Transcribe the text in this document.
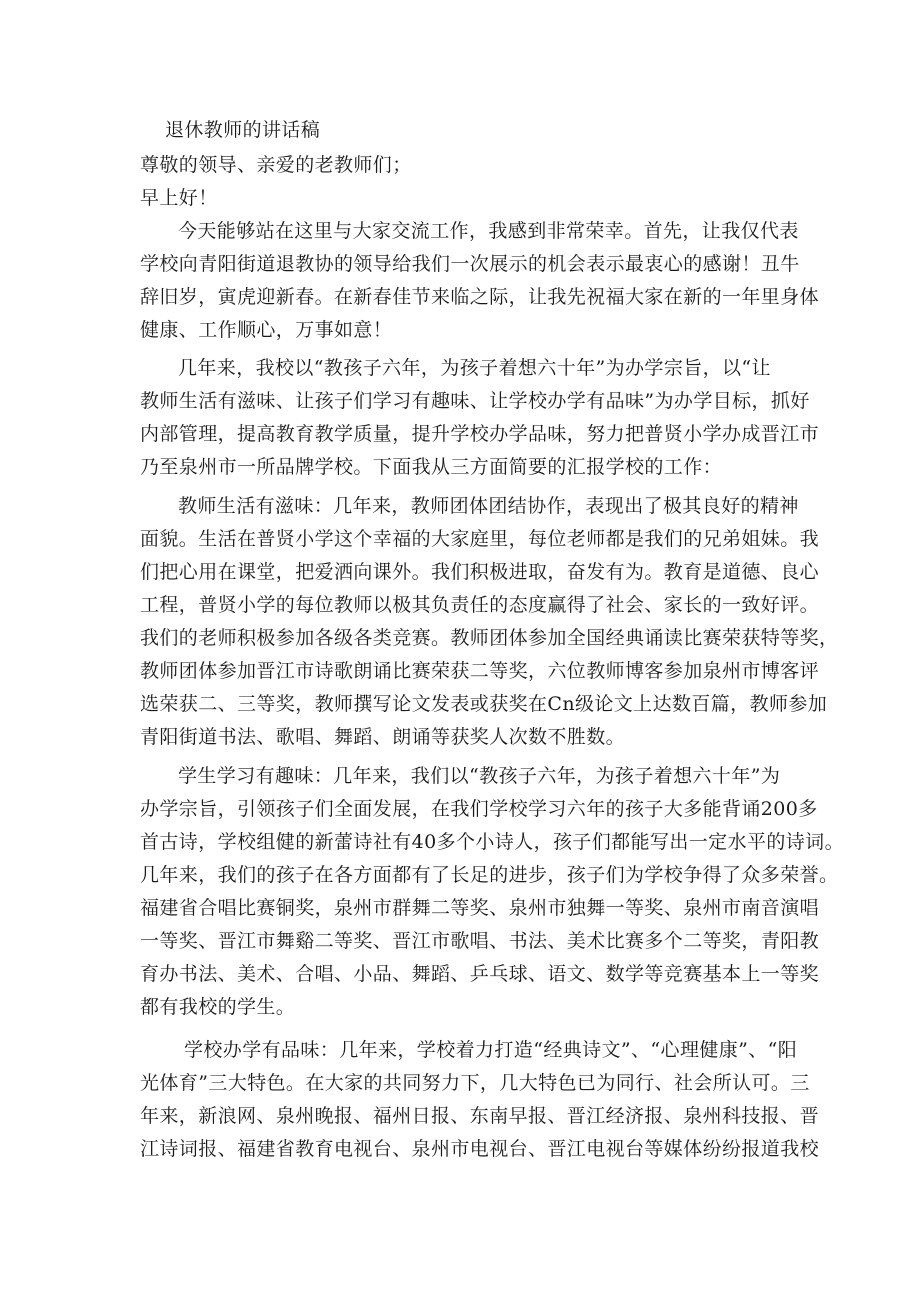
退休教师的讲话稿
尊敬的领导、亲爱的老教师们；
早上好！
今天能够站在这里与大家交流工作，我感到非常荣幸。首先，让我仅代表
学校向青阳街道退教协的领导给我们一次展示的机会表示最衷心的感谢！丑牛
辞旧岁，寅虎迎新春。在新春佳节来临之际，让我先祝福大家在新的一年里身体
健康、工作顺心，万事如意！
几年来，我校以“教孩子六年，为孩子着想六十年”为办学宗旨，以“让
教师生活有滋味、让孩子们学习有趣味、让学校办学有品味”为办学目标，抓好
内部管理，提高教育教学质量，提升学校办学品味，努力把普贤小学办成晋江市
乃至泉州市一所品牌学校。下面我从三方面简要的汇报学校的工作：
教师生活有滋味：几年来，教师团体团结协作，表现出了极其良好的精神
面貌。生活在普贤小学这个幸福的大家庭里，每位老师都是我们的兄弟姐妹。我
们把心用在课堂，把爱洒向课外。我们积极进取，奋发有为。教育是道德、良心
工程，普贤小学的每位教师以极其负责任的态度赢得了社会、家长的一致好评。
我们的老师积极参加各级各类竞赛。教师团体参加全国经典诵读比赛荣获特等奖，
教师团体参加晋江市诗歌朗诵比赛荣获二等奖，六位教师博客参加泉州市博客评
选荣获二、三等奖，教师撰写论文发表或获奖在Cn级论文上达数百篇，教师参加
青阳街道书法、歌唱、舞蹈、朗诵等获奖人次数不胜数。
学生学习有趣味：几年来，我们以“教孩子六年，为孩子着想六十年”为
办学宗旨，引领孩子们全面发展，在我们学校学习六年的孩子大多能背诵200多
首古诗，学校组健的新蕾诗社有40多个小诗人，孩子们都能写出一定水平的诗词。
几年来，我们的孩子在各方面都有了长足的进步，孩子们为学校争得了众多荣誉。
福建省合唱比赛铜奖，泉州市群舞二等奖、泉州市独舞一等奖、泉州市南音演唱
一等奖、晋江市舞谿二等奖、晋江市歌唱、书法、美术比赛多个二等奖，青阳教
育办书法、美术、合唱、小品、舞蹈、乒乓球、语文、数学等竞赛基本上一等奖
都有我校的学生。
学校办学有品味：几年来，学校着力打造“经典诗文”、“心理健康”、“阳
光体育”三大特色。在大家的共同努力下，几大特色已为同行、社会所认可。三
年来，新浪网、泉州晚报、福州日报、东南早报、晋江经济报、泉州科技报、晋
江诗词报、福建省教育电视台、泉州市电视台、晋江电视台等媒体纷纷报道我校
